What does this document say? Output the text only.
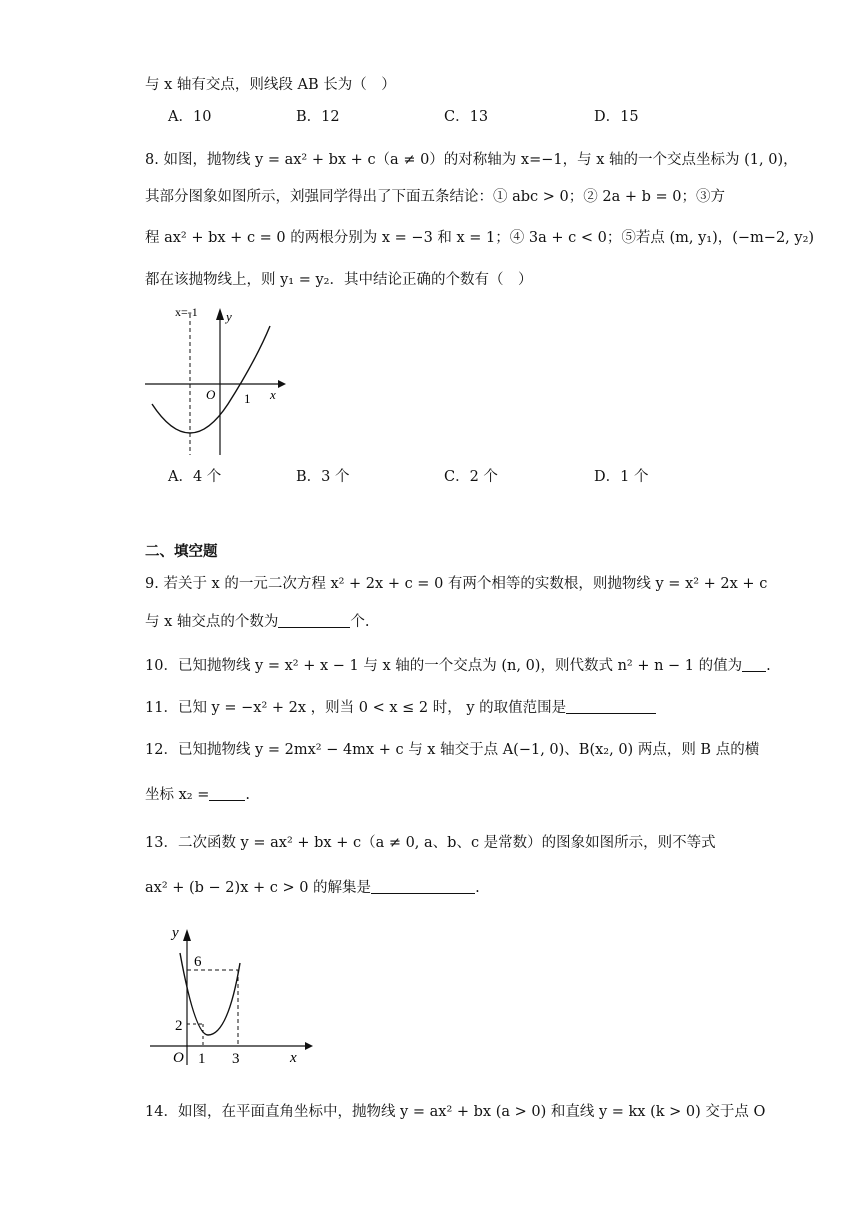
与 x 轴有交点，则线段 AB 长为（　）
A．10	B．12	C．13	D．15
8. 如图，抛物线 y = ax² + bx + c（a ≠ 0）的对称轴为 x=−1，与 x 轴的一个交点坐标为 (1, 0)，
其部分图象如图所示，刘强同学得出了下面五条结论：① abc > 0；② 2a + b = 0；③方
程 ax² + bx + c = 0 的两根分别为 x = −3 和 x = 1；④ 3a + c < 0；⑤若点 (m, y₁)，(−m−2, y₂)
都在该抛物线上，则 y₁ = y₂．其中结论正确的个数有（　）
x=-1 y
O 1 x
A．4 个	B．3 个	C．2 个	D．1 个
二、填空题
9. 若关于 x 的一元二次方程 x² + 2x + c = 0 有两个相等的实数根，则抛物线 y = x² + 2x + c
与 x 轴交点的个数为	个.
10．已知抛物线 y = x² + x − 1 与 x 轴的一个交点为 (n, 0)，则代数式 n² + n − 1 的值为 .
11．已知 y = −x² + 2x ，则当 0 < x ≤ 2 时， y 的取值范围是
12．已知抛物线 y = 2mx² − 4mx + c 与 x 轴交于点 A(−1, 0)、B(x₂, 0) 两点，则 B 点的横
坐标 x₂ = .
13．二次函数 y = ax² + bx + c（a ≠ 0, a、b、c 是常数）的图象如图所示，则不等式
ax² + (b − 2)x + c > 0 的解集是	.
y
6
2
O 1 3	x
14．如图，在平面直角坐标中，抛物线 y = ax² + bx (a > 0) 和直线 y = kx (k > 0) 交于点 O
